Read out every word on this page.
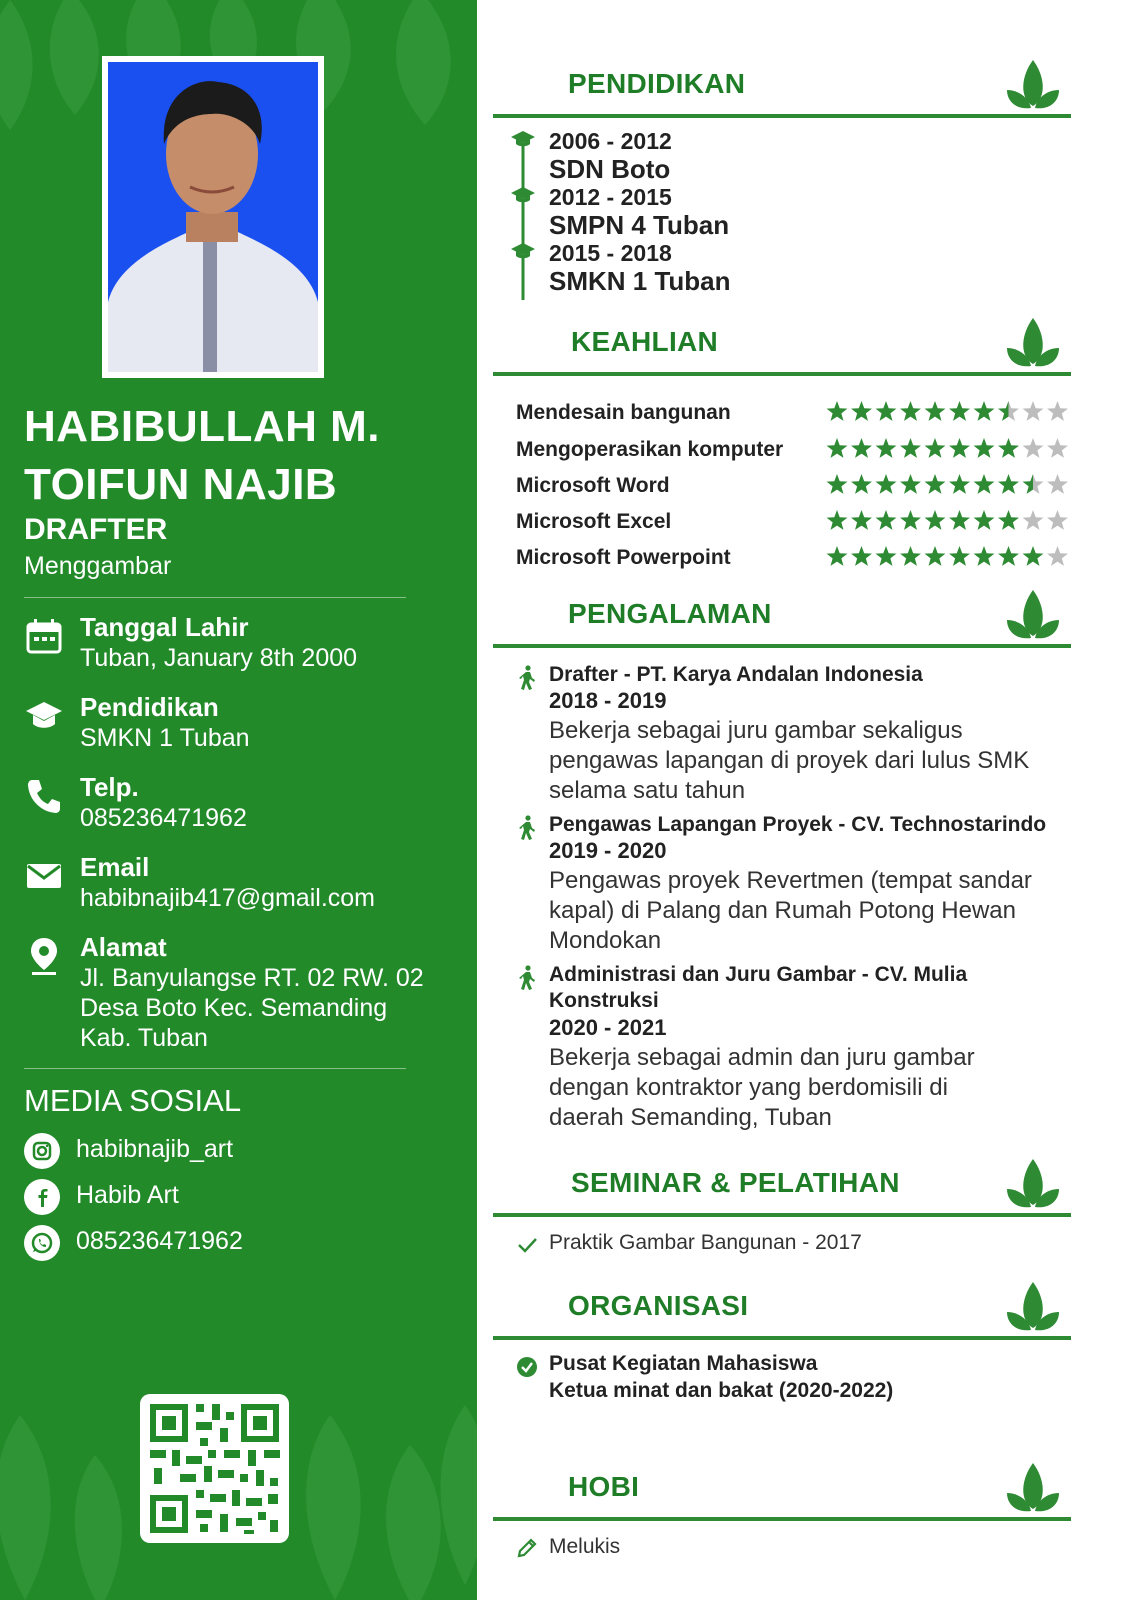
HABIBULLAH M.
TOIFUN NAJIB
DRAFTER
Menggambar
Tanggal Lahir
Tuban, January 8th 2000
Pendidikan
SMKN 1 Tuban
Telp.
085236471962
Email
habibnajib417@gmail.com
Alamat
Jl. Banyulangse RT. 02 RW. 02 Desa Boto Kec. Semanding Kab. Tuban
MEDIA SOSIAL
habibnajib_art
Habib Art
085236471962
PENDIDIKAN
2006 - 2012
SDN Boto
2012 - 2015
SMPN 4 Tuban
2015 - 2018
SMKN 1 Tuban
KEAHLIAN
Mendesain bangunan
Mengoperasikan komputer
Microsoft Word
Microsoft Excel
Microsoft Powerpoint
PENGALAMAN
Drafter - PT. Karya Andalan Indonesia
2018 - 2019
Bekerja sebagai juru gambar sekaligus pengawas lapangan di proyek dari lulus SMK selama satu tahun
Pengawas Lapangan Proyek - CV. Technostarindo
2019 - 2020
Pengawas proyek Revertmen (tempat sandar kapal) di Palang dan Rumah Potong Hewan Mondokan
Administrasi dan Juru Gambar - CV. Mulia Konstruksi
2020 - 2021
Bekerja sebagai admin dan juru gambar dengan kontraktor yang berdomisili di daerah Semanding, Tuban
SEMINAR & PELATIHAN
Praktik Gambar Bangunan - 2017
ORGANISASI
Pusat Kegiatan Mahasiswa
Ketua minat dan bakat (2020-2022)
HOBI
Melukis
